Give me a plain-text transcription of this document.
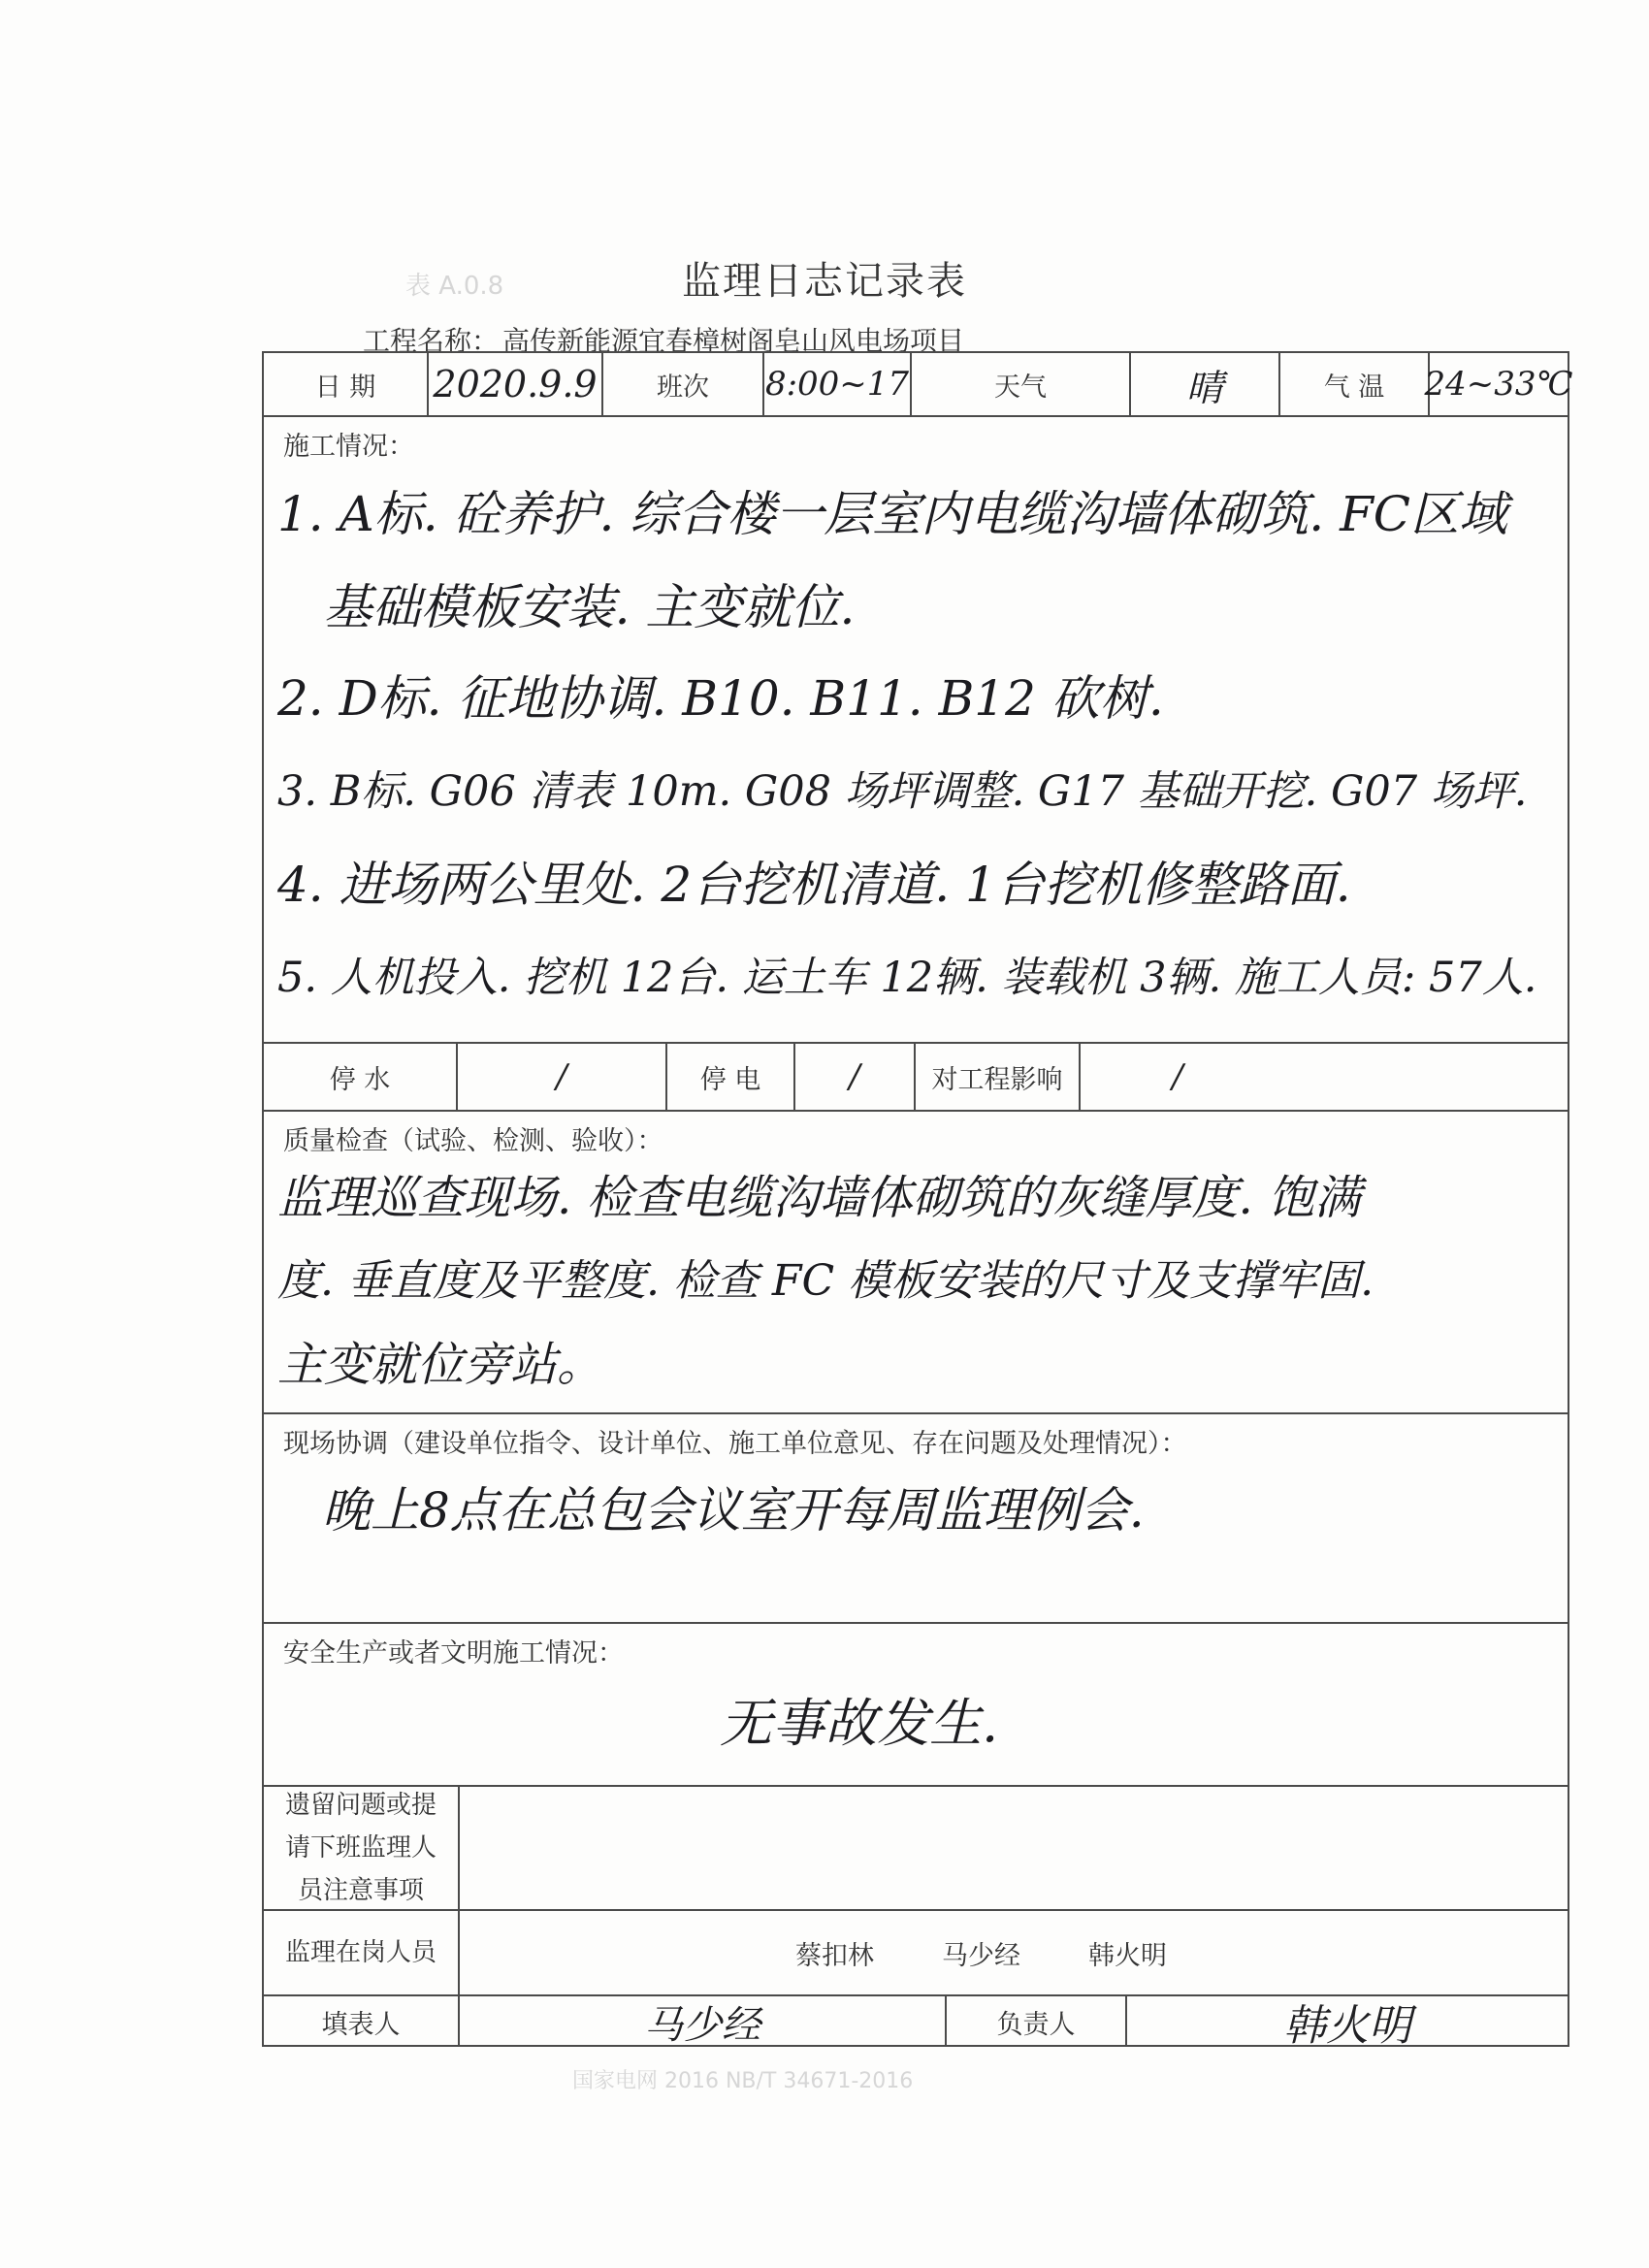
表 A.0.8
国家电网 2016 NB/T 34671-2016
监理日志记录表
工程名称： 高传新能源宜春樟树阁皂山风电场项目
日 期	2020.9.9	班次	8:00~17	天气	晴	气 温	24~33℃
施工情况：
1. A标. 砼养护. 综合楼一层室内电缆沟墙体砌筑. FC区域
基础模板安装. 主变就位.
2. D标. 征地协调. B10. B11. B12 砍树.
3. B标. G06 清表 10m. G08 场坪调整. G17 基础开挖. G07 场坪.
4. 进场两公里处. 2台挖机清道. 1台挖机修整路面.
5. 人机投入. 挖机 12台. 运土车 12辆. 装载机 3辆. 施工人员: 57人.
停 水	/	停 电	/	对工程影响	/
质量检查（试验、检测、验收）：
监理巡查现场. 检查电缆沟墙体砌筑的灰缝厚度. 饱满
度. 垂直度及平整度. 检查 FC 模板安装的尺寸及支撑牢固.
主变就位旁站。
现场协调（建设单位指令、设计单位、施工单位意见、存在问题及处理情况）：
晚上8点在总包会议室开每周监理例会.
安全生产或者文明施工情况：
无事故发生.
遗留问题或提请下班监理人员注意事项
监理在岗人员	蔡扣林	马少经	韩火明
填表人	马少经	负责人	韩火明
